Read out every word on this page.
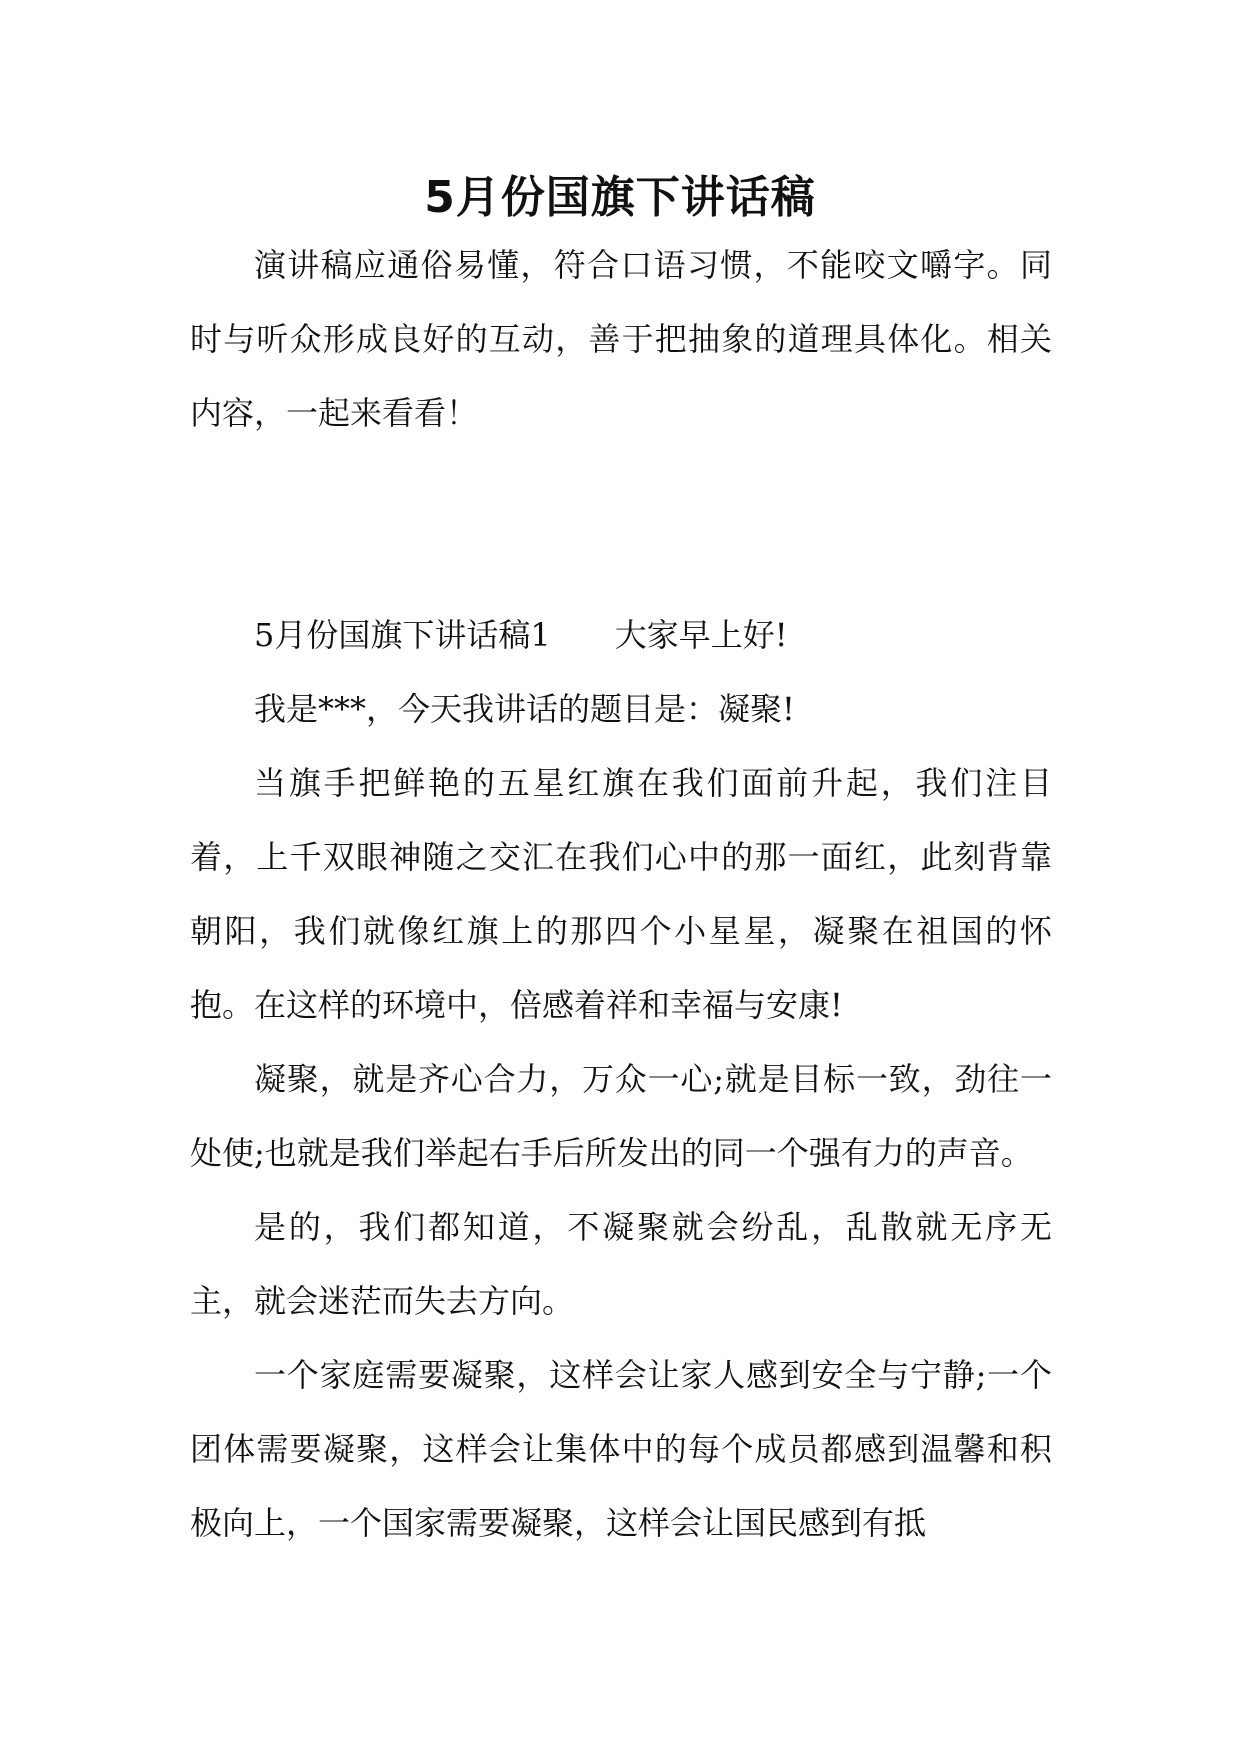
5月份国旗下讲话稿

演讲稿应通俗易懂，符合口语习惯，不能咬文嚼字。同时与听众形成良好的互动，善于把抽象的道理具体化。相关内容，一起来看看！

5月份国旗下讲话稿1 大家早上好!

我是***，今天我讲话的题目是：凝聚!

当旗手把鲜艳的五星红旗在我们面前升起，我们注目着，上千双眼神随之交汇在我们心中的那一面红，此刻背靠朝阳，我们就像红旗上的那四个小星星，凝聚在祖国的怀抱。在这样的环境中，倍感着祥和幸福与安康!

凝聚，就是齐心合力，万众一心;就是目标一致，劲往一处使;也就是我们举起右手后所发出的同一个强有力的声音。

是的，我们都知道，不凝聚就会纷乱，乱散就无序无主，就会迷茫而失去方向。

一个家庭需要凝聚，这样会让家人感到安全与宁静;一个团体需要凝聚，这样会让集体中的每个成员都感到温馨和积极向上，一个国家需要凝聚，这样会让国民感到有抵
